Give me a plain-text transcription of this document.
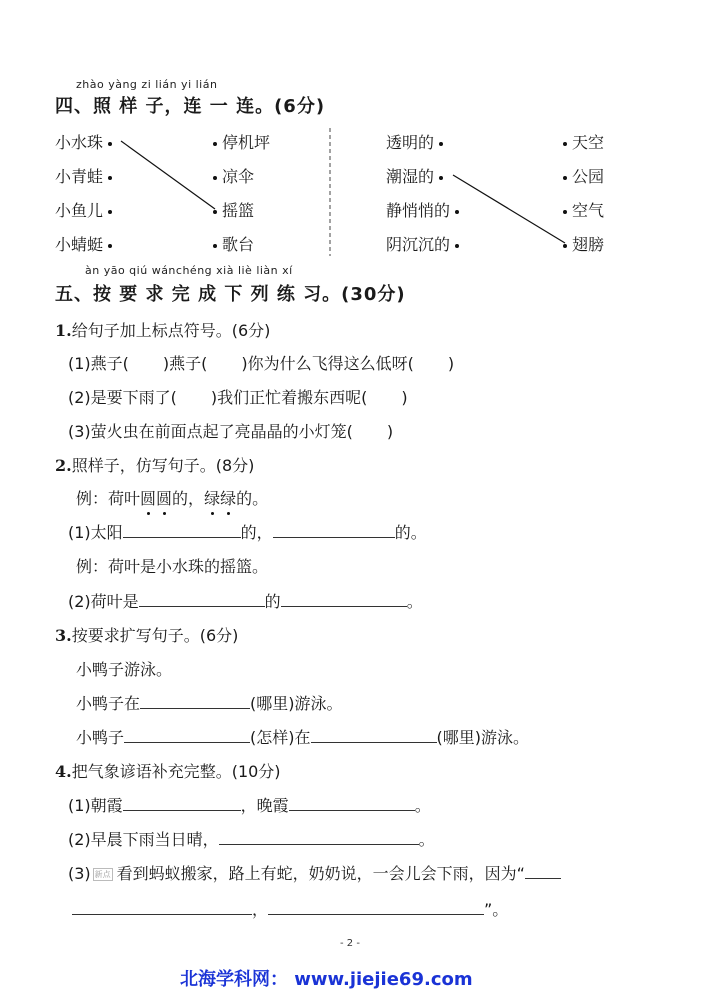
zhào yàng zi lián yi lián
四、照 样 子，连 一 连。(6分)
小水珠
小青蛙
小鱼儿
小蜻蜓
停机坪
凉伞
摇篮
歌台
透明的
潮湿的
静悄悄的
阴沉沉的
天空
公园
空气
翅膀
àn yāo qiú wánchéng xià liè liàn xí
五、按 要 求 完 成 下 列 练 习。(30分)
1.给句子加上标点符号。(6分)
(1)燕子( )燕子( )你为什么飞得这么低呀( )
(2)是要下雨了( )我们正忙着搬东西呢( )
(3)萤火虫在前面点起了亮晶晶的小灯笼( )
2.照样子，仿写句子。(8分)
例：荷叶圆圆的，绿绿的。
(1)太阳	的，	的。
例：荷叶是小水珠的摇篮。
(2)荷叶是	的	。
3.按要求扩写句子。(6分)
小鸭子游泳。
小鸭子在	(哪里)游泳。
小鸭子	(怎样)在	(哪里)游泳。
4.把气象谚语补充完整。(10分)
(1)朝霞	，晚霞	。
(2)早晨下雨当日晴，	。
(3) 新点 看到蚂蚁搬家，路上有蛇，奶奶说，一会儿会下雨，因为“
，	”。
- 2 -
北海学科网： www.jiejie69.com
